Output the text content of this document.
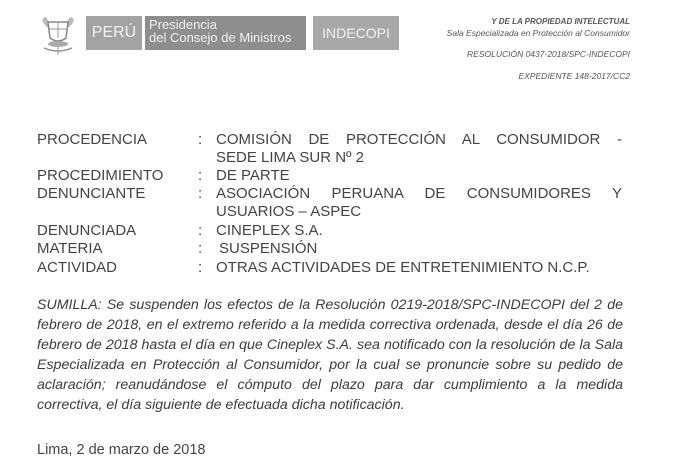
PERÚ Presidencia
del Consejo de Ministros	INDECOPI
Y DE LA PROPIEDAD INTELECTUAL
Sala Especializada en Protección al Consumidor
RESOLUCIÓN 0437-2018/SPC-INDECOPI
EXPEDIENTE 148-2017/CC2
PROCEDENCIA	: COMISIÓN DE PROTECCIÓN AL CONSUMIDOR -
SEDE LIMA SUR Nº 2
PROCEDIMIENTO	: DE PARTE
DENUNCIANTE	: ASOCIACIÓN PERUANA DE CONSUMIDORES Y
USUARIOS – ASPEC
DENUNCIADA	: CINEPLEX S.A.
MATERIA	: SUSPENSIÓN
ACTIVIDAD	: OTRAS ACTIVIDADES DE ENTRETENIMIENTO N.C.P.
SUMILLA: Se suspenden los efectos de la Resolución 0219-2018/SPC-INDECOPI del 2 de febrero de 2018, en el extremo referido a la medida correctiva ordenada, desde el día 26 de febrero de 2018 hasta el día en que Cineplex S.A. sea notificado con la resolución de la Sala Especializada en Protección al Consumidor, por la cual se pronuncie sobre su pedido de aclaración; reanudándose el cómputo del plazo para dar cumplimiento a la medida correctiva, el día siguiente de efectuada dicha notificación.
Lima, 2 de marzo de 2018
